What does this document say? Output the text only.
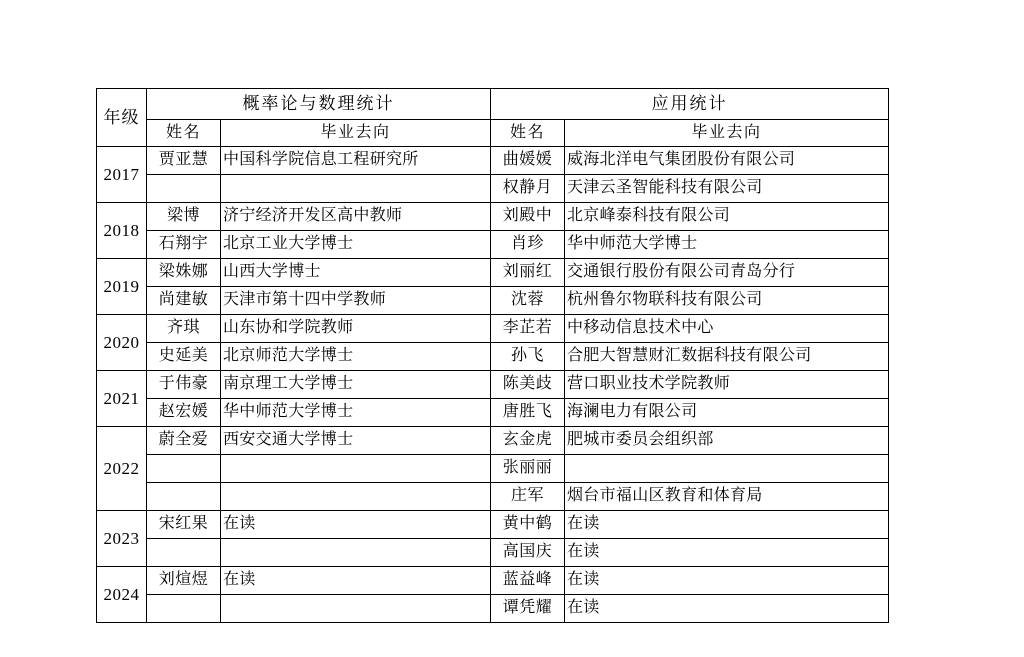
年级	概率论与数理统计		应用统计	
	姓名	毕业去向	姓名	毕业去向
2017	贾亚慧	中国科学院信息工程研究所	曲媛媛	威海北洋电气集团股份有限公司
			权静月	天津云圣智能科技有限公司
2018	梁博	济宁经济开发区高中教师	刘殿中	北京峰泰科技有限公司
	石翔宇	北京工业大学博士	肖珍	华中师范大学博士
2019	梁姝娜	山西大学博士	刘丽红	交通银行股份有限公司青岛分行
	尚建敏	天津市第十四中学教师	沈蓉	杭州鲁尔物联科技有限公司
2020	齐琪	山东协和学院教师	李芷若	中移动信息技术中心
	史延美	北京师范大学博士	孙飞	合肥大智慧财汇数据科技有限公司
2021	于伟豪	南京理工大学博士	陈美歧	营口职业技术学院教师
	赵宏媛	华中师范大学博士	唐胜飞	海澜电力有限公司
2022	蔚全爱	西安交通大学博士	玄金虎	肥城市委员会组织部
			张丽丽	
			庄军	烟台市福山区教育和体育局
2023	宋红果	在读	黄中鹤	在读
			高国庆	在读
2024	刘煊煜	在读	蓝益峰	在读
			谭凭耀	在读
